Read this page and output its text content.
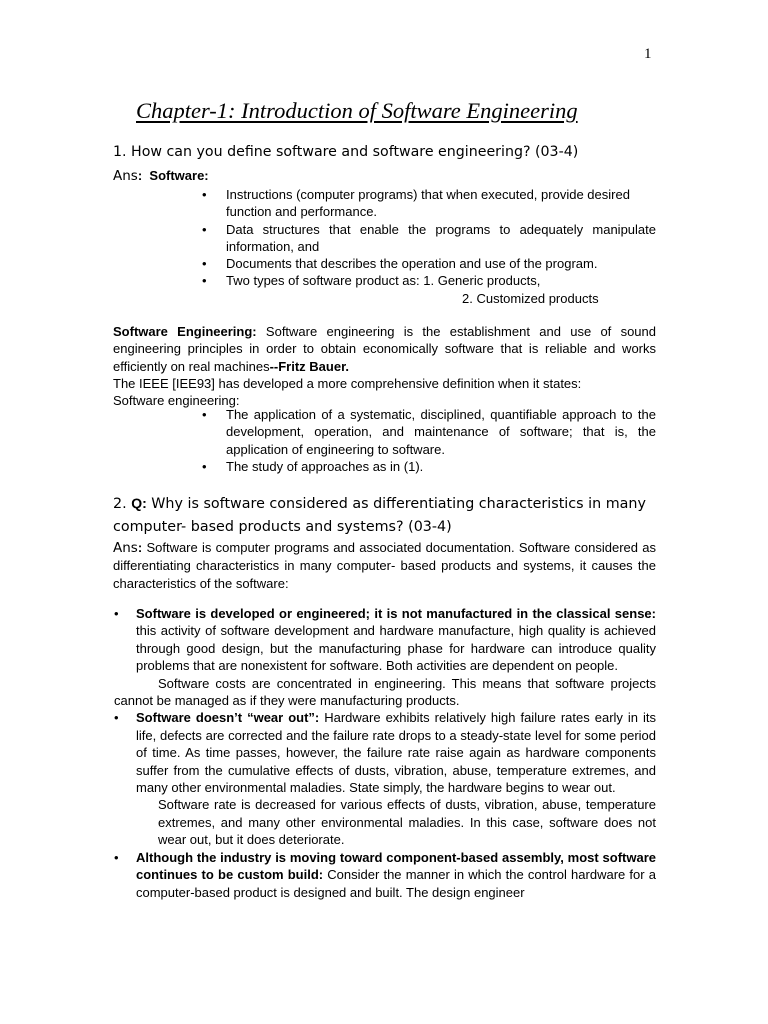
1
Chapter-1: Introduction of Software Engineering
1. How can you define software and software engineering? (03-4)
Ans: Software:
• Instructions (computer programs) that when executed, provide desired function and performance.
• Data structures that enable the programs to adequately manipulate information, and
• Documents that describes the operation and use of the program.
• Two types of software product as: 1. Generic products,
2. Customized products

Software Engineering: Software engineering is the establishment and use of sound engineering principles in order to obtain economically software that is reliable and works efficiently on real machines--Fritz Bauer.

The IEEE [IEE93] has developed a more comprehensive definition when it states:
Software engineering:
• The application of a systematic, disciplined, quantifiable approach to the development, operation, and maintenance of software; that is, the application of engineering to software.
• The study of approaches as in (1).

2. Q: Why is software considered as differentiating characteristics in many computer- based products and systems? (03-4)

Ans: Software is computer programs and associated documentation. Software considered as differentiating characteristics in many computer- based products and systems, it causes the characteristics of the software:

• Software is developed or engineered; it is not manufactured in the classical sense: this activity of software development and hardware manufacture, high quality is achieved through good design, but the manufacturing phase for hardware can introduce quality problems that are nonexistent for software. Both activities are dependent on people.
Software costs are concentrated in engineering. This means that software projects cannot be managed as if they were manufacturing products.
• Software doesn’t “wear out”: Hardware exhibits relatively high failure rates early in its life, defects are corrected and the failure rate drops to a steady-state level for some period of time. As time passes, however, the failure rate raise again as hardware components suffer from the cumulative effects of dusts, vibration, abuse, temperature extremes, and many other environmental maladies. State simply, the hardware begins to wear out.
Software rate is decreased for various effects of dusts, vibration, abuse, temperature extremes, and many other environmental maladies. In this case, software does not wear out, but it does deteriorate.
• Although the industry is moving toward component-based assembly, most software continues to be custom build: Consider the manner in which the control hardware for a computer-based product is designed and built. The design engineer
